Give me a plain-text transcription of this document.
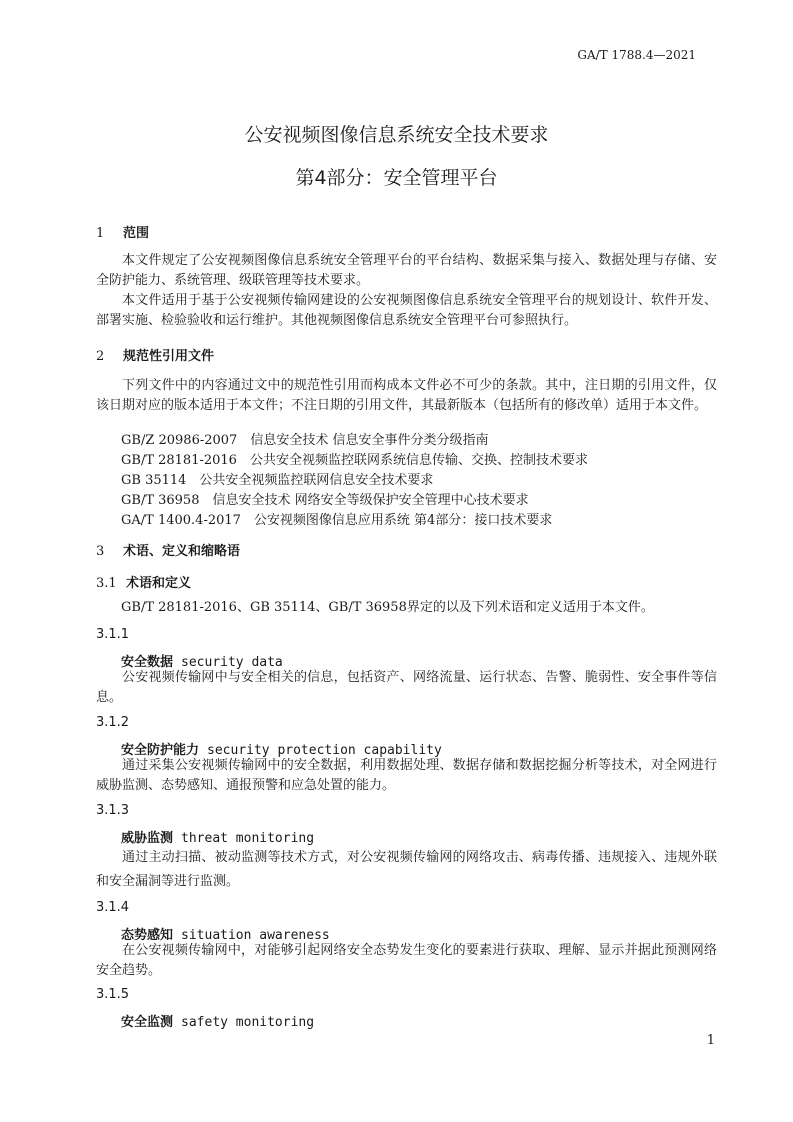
GA/T 1788.4—2021
公安视频图像信息系统安全技术要求
第4部分：安全管理平台
1 范围

本文件规定了公安视频图像信息系统安全管理平台的平台结构、数据采集与接入、数据处理与存储、安全防护能力、系统管理、级联管理等技术要求。

本文件适用于基于公安视频传输网建设的公安视频图像信息系统安全管理平台的规划设计、软件开发、部署实施、检验验收和运行维护。其他视频图像信息系统安全管理平台可参照执行。

2 规范性引用文件

下列文件中的内容通过文中的规范性引用而构成本文件必不可少的条款。其中，注日期的引用文件，仅该日期对应的版本适用于本文件；不注日期的引用文件，其最新版本（包括所有的修改单）适用于本文件。

GB/Z 20986-2007　信息安全技术 信息安全事件分类分级指南
GB/T 28181-2016　公共安全视频监控联网系统信息传输、交换、控制技术要求
GB 35114　公共安全视频监控联网信息安全技术要求
GB/T 36958　信息安全技术 网络安全等级保护安全管理中心技术要求
GA/T 1400.4-2017　公安视频图像信息应用系统 第4部分：接口技术要求
3 术语、定义和缩略语
3.1 术语和定义
GB/T 28181-2016、GB 35114、GB/T 36958界定的以及下列术语和定义适用于本文件。
3.1.1
安全数据 security data

公安视频传输网中与安全相关的信息，包括资产、网络流量、运行状态、告警、脆弱性、安全事件等信息。

3.1.2
安全防护能力 security protection capability

通过采集公安视频传输网中的安全数据，利用数据处理、数据存储和数据挖掘分析等技术，对全网进行威胁监测、态势感知、通报预警和应急处置的能力。

3.1.3
威胁监测 threat monitoring

通过主动扫描、被动监测等技术方式，对公安视频传输网的网络攻击、病毒传播、违规接入、违规外联和安全漏洞等进行监测。

3.1.4
态势感知 situation awareness

在公安视频传输网中，对能够引起网络安全态势发生变化的要素进行获取、理解、显示并据此预测网络安全趋势。

3.1.5
安全监测 safety monitoring
1
